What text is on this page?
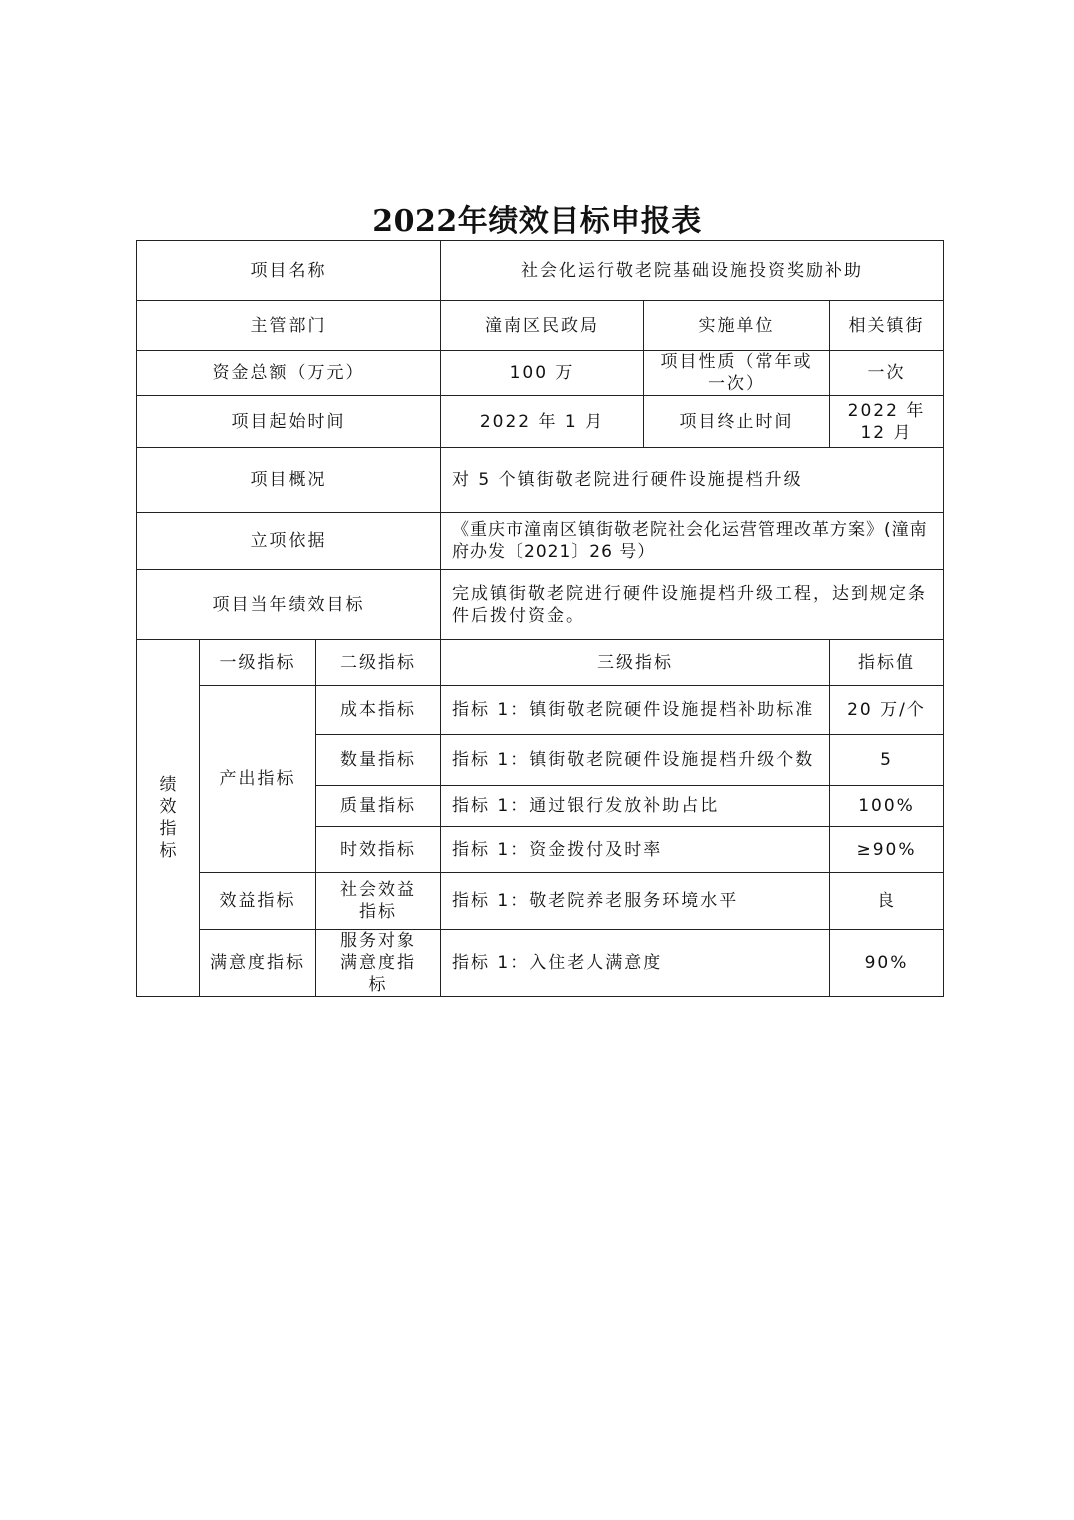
2022年绩效目标申报表
项目名称			社会化运行敬老院基础设施投资奖励补助		
主管部门			潼南区民政局	实施单位	相关镇街
资金总额（万元）			100 万	项目性质（常年或一次）	一次
项目起始时间			2022 年 1 月	项目终止时间	2022 年 12 月
项目概况			对 5 个镇街敬老院进行硬件设施提档升级		
立项依据			《重庆市潼南区镇街敬老院社会化运营管理改革方案》(潼南府办发〔2021〕26 号）		
项目当年绩效目标			完成镇街敬老院进行硬件设施提档升级工程，达到规定条件后拨付资金。		
绩效指标	一级指标	二级指标	三级指标		指标值
	产出指标	成本指标	指标 1：镇街敬老院硬件设施提档补助标准		20 万/个
		数量指标	指标 1：镇街敬老院硬件设施提档升级个数		5
		质量指标	指标 1：通过银行发放补助占比		100%
		时效指标	指标 1：资金拨付及时率		≥90%
	效益指标	社会效益指标	指标 1：敬老院养老服务环境水平		良
	满意度指标	服务对象满意度指标	指标 1：入住老人满意度		90%
